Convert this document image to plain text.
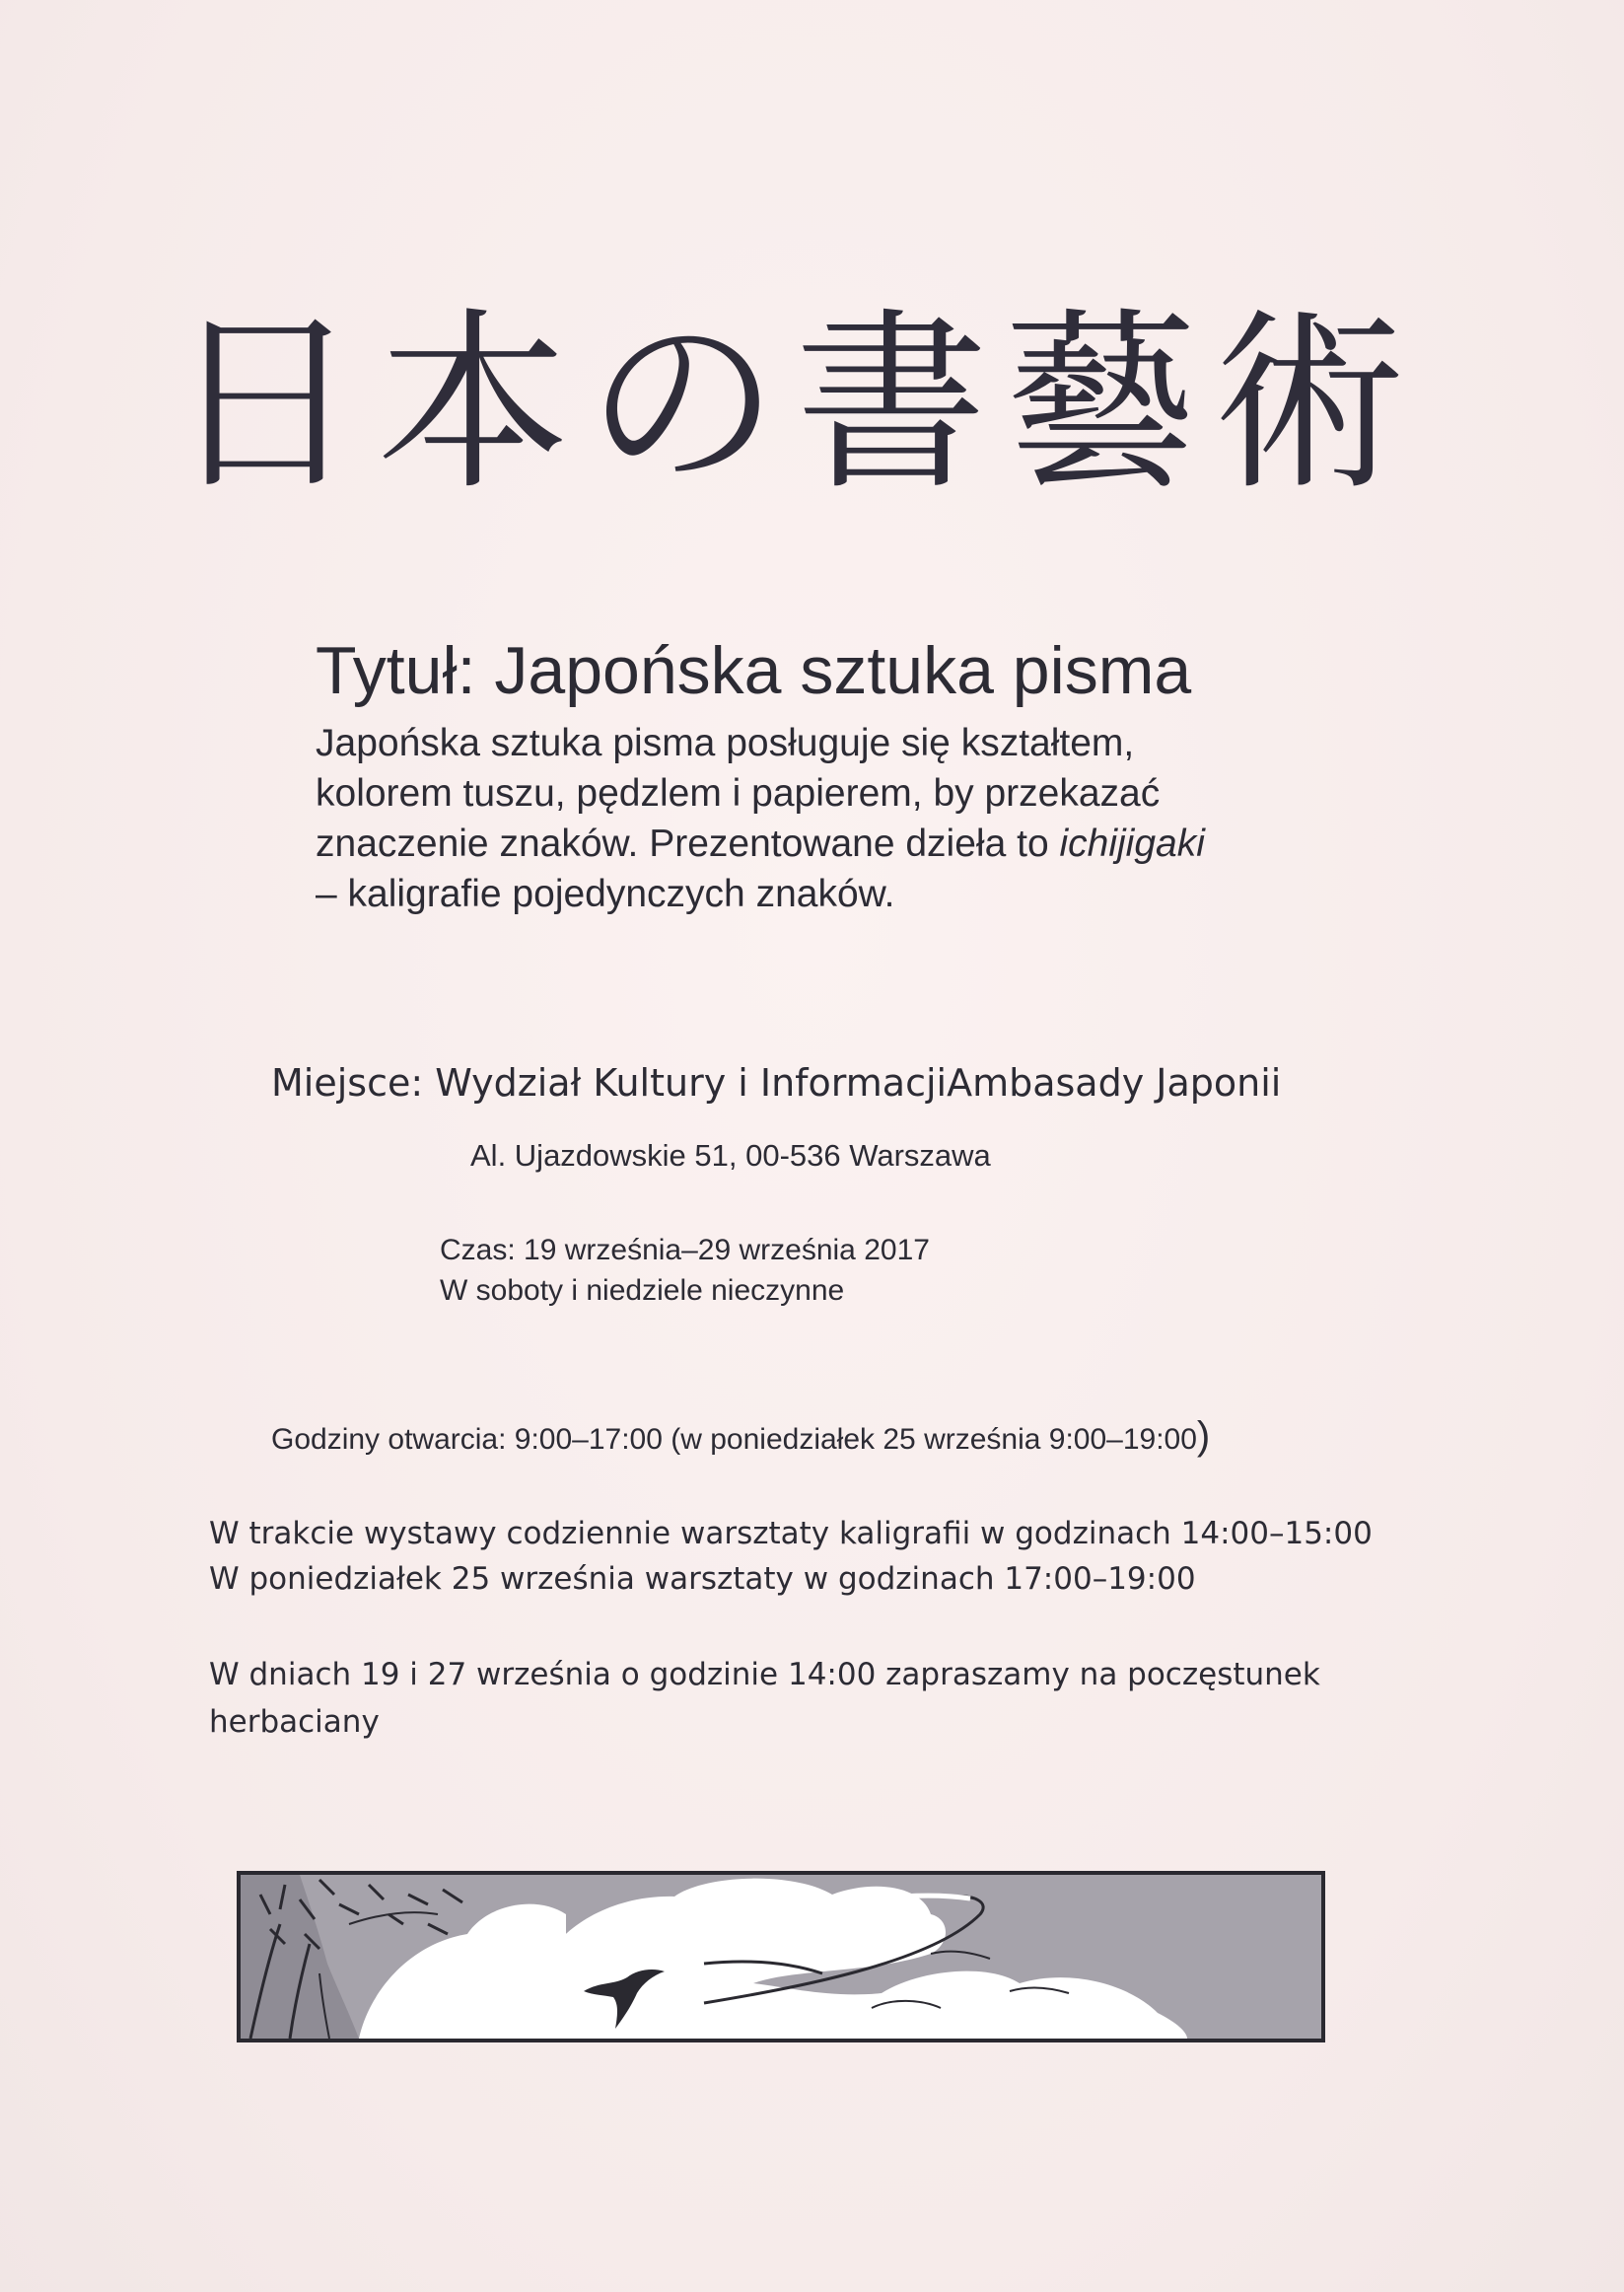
日本の書藝術
Tytuł: Japońska sztuka pisma

Japońska sztuka pisma posługuje się kształtem,

kolorem tuszu, pędzlem i papierem, by przekazać

znaczenie znaków. Prezentowane dzieła to ichijigaki

– kaligrafie pojedynczych znaków.

Miejsce: Wydział Kultury i InformacjiAmbasady Japonii
Al. Ujazdowskie 51, 00-536 Warszawa

Czas: 19 września–29 września 2017

W soboty i niedziele nieczynne

Godziny otwarcia: 9:00–17:00 (w poniedziałek 25 września 9:00–19:00)

W trakcie wystawy codziennie warsztaty kaligrafii w godzinach 14:00–15:00

W poniedziałek 25 września warsztaty w godzinach 17:00–19:00

W dniach 19 i 27 września o godzinie 14:00 zapraszamy na poczęstunek herbaciany
